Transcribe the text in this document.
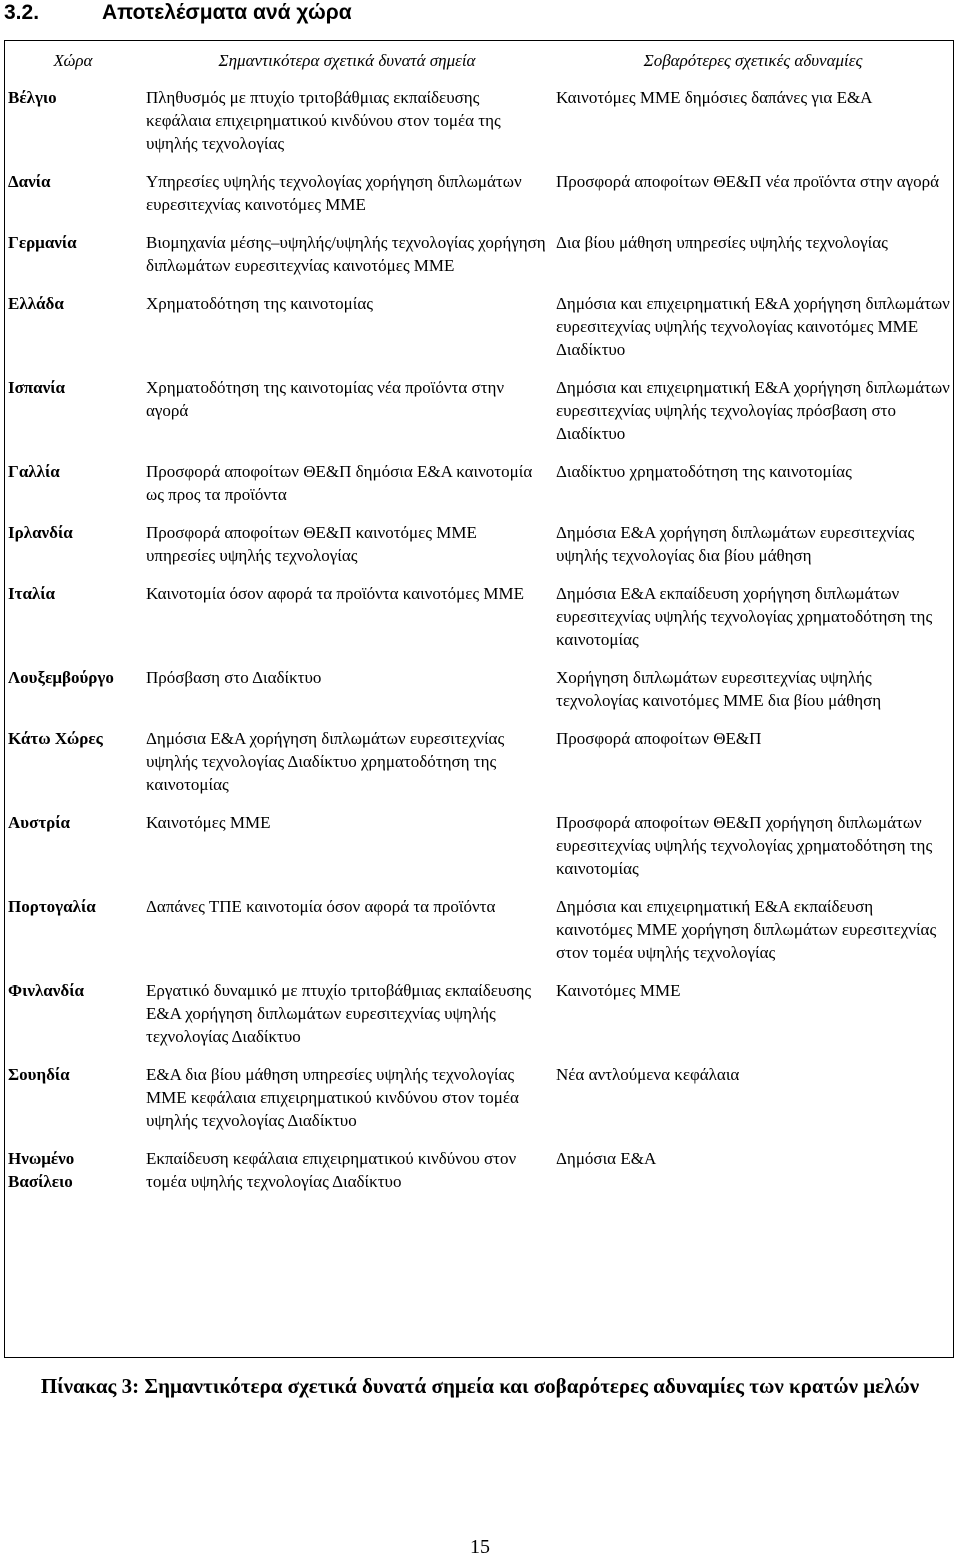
3.2.	Αποτελέσματα ανά χώρα
Χώρα	Σημαντικότερα σχετικά δυνατά σημεία	Σοβαρότερες σχετικές αδυναμίες
Βέλγιο	Πληθυσμός με πτυχίο τριτοβάθμιας εκπαίδευσης κεφάλαια επιχειρηματικού κινδύνου στον τομέα της υψηλής τεχνολογίας	Καινοτόμες ΜΜΕ δημόσιες δαπάνες για Ε&Α
Δανία	Υπηρεσίες υψηλής τεχνολογίας χορήγηση διπλωμάτων ευρεσιτεχνίας καινοτόμες ΜΜΕ	Προσφορά αποφοίτων ΘΕ&Π νέα προϊόντα στην αγορά
Γερμανία	Βιομηχανία μέσης–υψηλής/υψηλής τεχνολογίας χορήγηση διπλωμάτων ευρεσιτεχνίας καινοτόμες ΜΜΕ	Δια βίου μάθηση υπηρεσίες υψηλής τεχνολογίας
Ελλάδα	Χρηματοδότηση της καινοτομίας	Δημόσια και επιχειρηματική Ε&Α χορήγηση διπλωμάτων ευρεσιτεχνίας υψηλής τεχνολογίας καινοτόμες ΜΜΕ Διαδίκτυο
Ισπανία	Χρηματοδότηση της καινοτομίας νέα προϊόντα στην αγορά	Δημόσια και επιχειρηματική Ε&Α χορήγηση διπλωμάτων ευρεσιτεχνίας υψηλής τεχνολογίας πρόσβαση στο Διαδίκτυο
Γαλλία	Προσφορά αποφοίτων ΘΕ&Π δημόσια Ε&Α καινοτομία ως προς τα προϊόντα	Διαδίκτυο χρηματοδότηση της καινοτομίας
Ιρλανδία	Προσφορά αποφοίτων ΘΕ&Π καινοτόμες ΜΜΕ υπηρεσίες υψηλής τεχνολογίας	Δημόσια Ε&Α χορήγηση διπλωμάτων ευρεσιτεχνίας υψηλής τεχνολογίας δια βίου μάθηση
Ιταλία	Καινοτομία όσον αφορά τα προϊόντα καινοτόμες ΜΜΕ	Δημόσια Ε&Α εκπαίδευση χορήγηση διπλωμάτων ευρεσιτεχνίας υψηλής τεχνολογίας χρηματοδότηση της καινοτομίας
Λουξεμβούργο	Πρόσβαση στο Διαδίκτυο	Χορήγηση διπλωμάτων ευρεσιτεχνίας υψηλής τεχνολογίας καινοτόμες ΜΜΕ δια βίου μάθηση
Κάτω Χώρες	Δημόσια Ε&Α χορήγηση διπλωμάτων ευρεσιτεχνίας υψηλής τεχνολογίας Διαδίκτυο χρηματοδότηση της καινοτομίας	Προσφορά αποφοίτων ΘΕ&Π
Αυστρία	Καινοτόμες ΜΜΕ	Προσφορά αποφοίτων ΘΕ&Π χορήγηση διπλωμάτων ευρεσιτεχνίας υψηλής τεχνολογίας χρηματοδότηση της καινοτομίας
Πορτογαλία	Δαπάνες ΤΠΕ καινοτομία όσον αφορά τα προϊόντα	Δημόσια και επιχειρηματική Ε&Α εκπαίδευση καινοτόμες ΜΜΕ χορήγηση διπλωμάτων ευρεσιτεχνίας στον τομέα υψηλής τεχνολογίας
Φινλανδία	Εργατικό δυναμικό με πτυχίο τριτοβάθμιας εκπαίδευσης Ε&Α χορήγηση διπλωμάτων ευρεσιτεχνίας υψηλής τεχνολογίας Διαδίκτυο	Καινοτόμες ΜΜΕ
Σουηδία	Ε&Α δια βίου μάθηση υπηρεσίες υψηλής τεχνολογίας ΜΜΕ κεφάλαια επιχειρηματικού κινδύνου στον τομέα υψηλής τεχνολογίας Διαδίκτυο	Νέα αντλούμενα κεφάλαια
Ηνωμένο Βασίλειο	Εκπαίδευση κεφάλαια επιχειρηματικού κινδύνου στον τομέα υψηλής τεχνολογίας Διαδίκτυο	Δημόσια Ε&Α
Πίνακας 3: Σημαντικότερα σχετικά δυνατά σημεία και σοβαρότερες αδυναμίες των κρατών μελών
15
